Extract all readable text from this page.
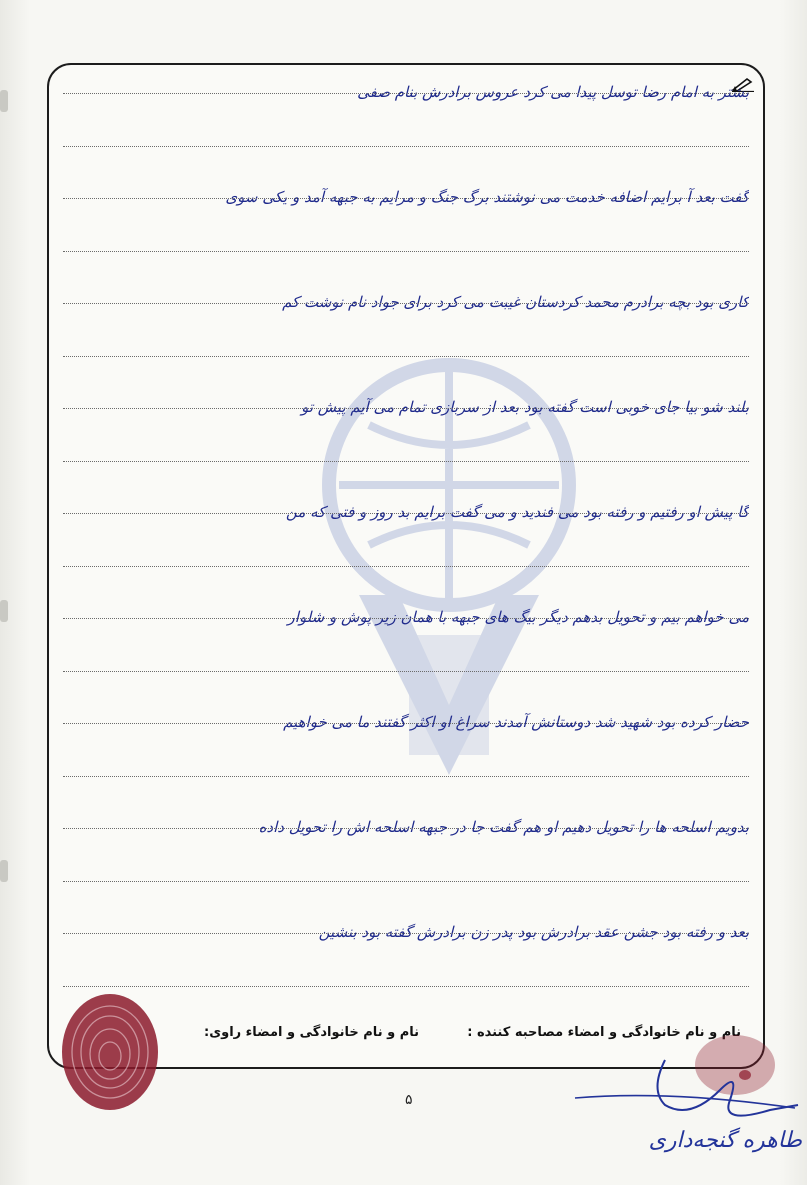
بشتر به امام رضا توسل پیدا می کرد عروس برادرش بنام صفی
گفت بعد آ برایم اضافه خدمت می نوشتند برگ جنگ و مرایم به جبهه آمد و یکی سوی
کاری بود بچه برادرم محمد کردستان غیبت می کرد برای جواد نام نوشت کم
بلند شو بیا جای خوبی است گفته بود بعد از سربازی تمام می آیم پیش تو
گا پیش او رفتیم و رفته بود می فندید و می گفت برایم بد روز و فتی که من
می خواهم بیم و تحویل بدهم دیگر بیگ های جبهه با همان زیر پوش و شلوار
حضار کرده بود شهید شد دوستانش آمدند سراغ او اکثر گفتند ما می خواهیم
بدویم اسلحه ها را تحویل دهیم او هم گفت جا در جبهه اسلحه اش را تحویل داده
بعد و رفته بود جشن عقد برادرش بود پدر زن برادرش گفته بود بنشین
نام و نام خانوادگی و امضاء مصاحبه کننده :
نام و نام خانوادگی و امضاء راوی:
طاهره گنجه‌داری
۵
